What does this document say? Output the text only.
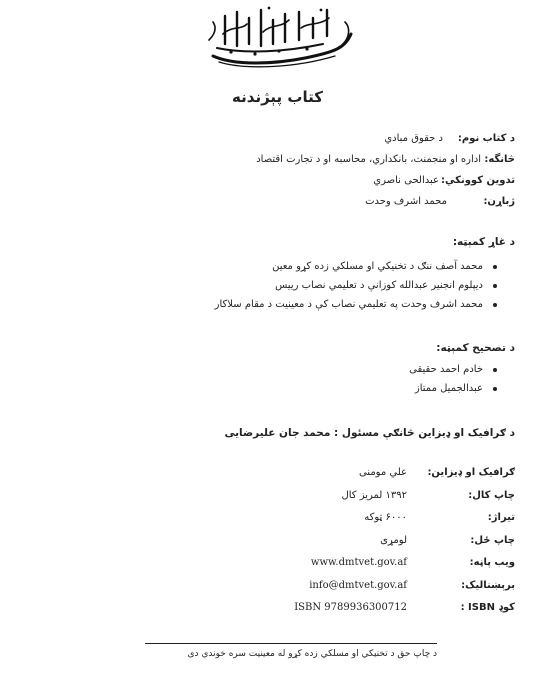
کتاب پېژندنه
د کتاب نوم:د حقوق مبادي
څانگه:اداره او منجمنت، بانکداري، محاسبه او د تجارت اقتصاد
تدوين کوونکي:عبدالحی ناصري
ژباړن:محمد اشرف وحدت
د غاړ کمېټه:
محمد آصف ننګ د تخنيکي او مسلکي زده کړو معين
ديپلوم انجنير عبدالله کوزانې د تعليمي نصاب رييس
محمد اشرف وحدت په تعليمي نصاب کې د معينيت د مقام سلاکار
د تصحيح کمېټه:
خادم احمد حقيقی
عبدالجميل ممتاز
د ګرافيک او ډيزاين څانګې مسئول : محمد جان عليرضايی
ګرافيک او ډيزاين:
علي مومنی
چاپ کال:
۱۳۹۲ لمريز کال
تيراژ:
۶۰۰۰ ټوکه
چاپ ځل:
لومړی
ويب پاڼه:
www.dmtvet.gov.af
برېښناليک:
info@dmtvet.gov.af
کوډ ISBN :
ISBN 9789936300712
د چاپ حق د تخنيکي او مسلکي زده کړو له معينيت سره خوندي دی
